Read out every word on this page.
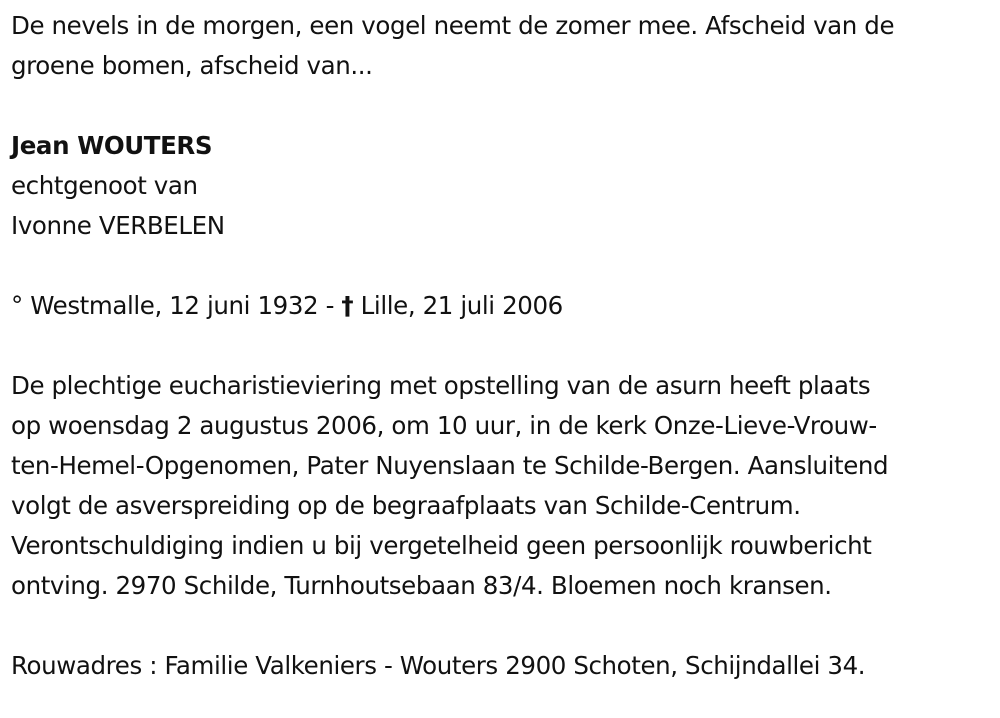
De nevels in de morgen, een vogel neemt de zomer mee. Afscheid van de
groene bomen, afscheid van...
Jean WOUTERS
echtgenoot van
Ivonne VERBELEN
° Westmalle, 12 juni 1932 - † Lille, 21 juli 2006
De plechtige eucharistieviering met opstelling van de asurn heeft plaats
op woensdag 2 augustus 2006, om 10 uur, in de kerk Onze-Lieve-Vrouw-
ten-Hemel-Opgenomen, Pater Nuyenslaan te Schilde-Bergen. Aansluitend
volgt de asverspreiding op de begraafplaats van Schilde-Centrum.
Verontschuldiging indien u bij vergetelheid geen persoonlijk rouwbericht
ontving. 2970 Schilde, Turnhoutsebaan 83/4. Bloemen noch kransen.
Rouwadres : Familie Valkeniers - Wouters 2900 Schoten, Schijndallei 34.
